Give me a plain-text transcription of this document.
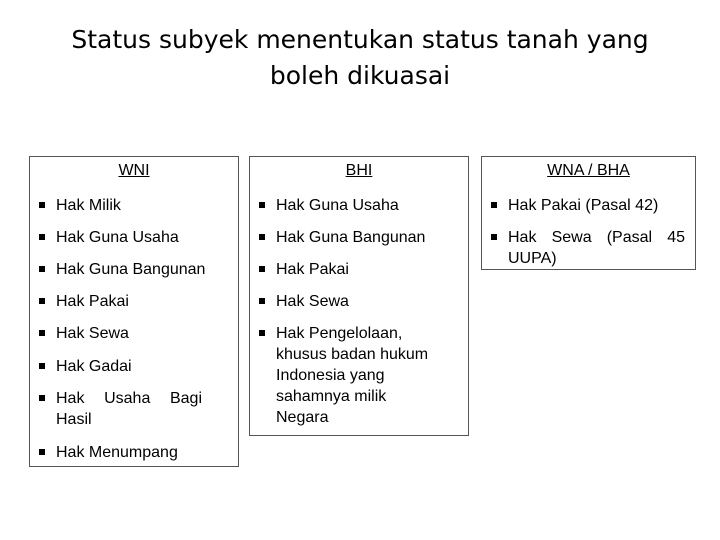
Status subyek menentukan status tanah yang
boleh dikuasai
WNI
Hak Milik
Hak Guna Usaha
Hak Guna Bangunan
Hak Pakai
Hak Sewa
Hak Gadai
Hak Usaha Bagi
Hasil
Hak Menumpang
BHI
Hak Guna Usaha
Hak Guna Bangunan
Hak Pakai
Hak Sewa
Hak Pengelolaan,
khusus badan hukum
Indonesia yang
sahamnya milik
Negara
WNA / BHA
Hak Pakai (Pasal 42)
Hak Sewa (Pasal 45
UUPA)
